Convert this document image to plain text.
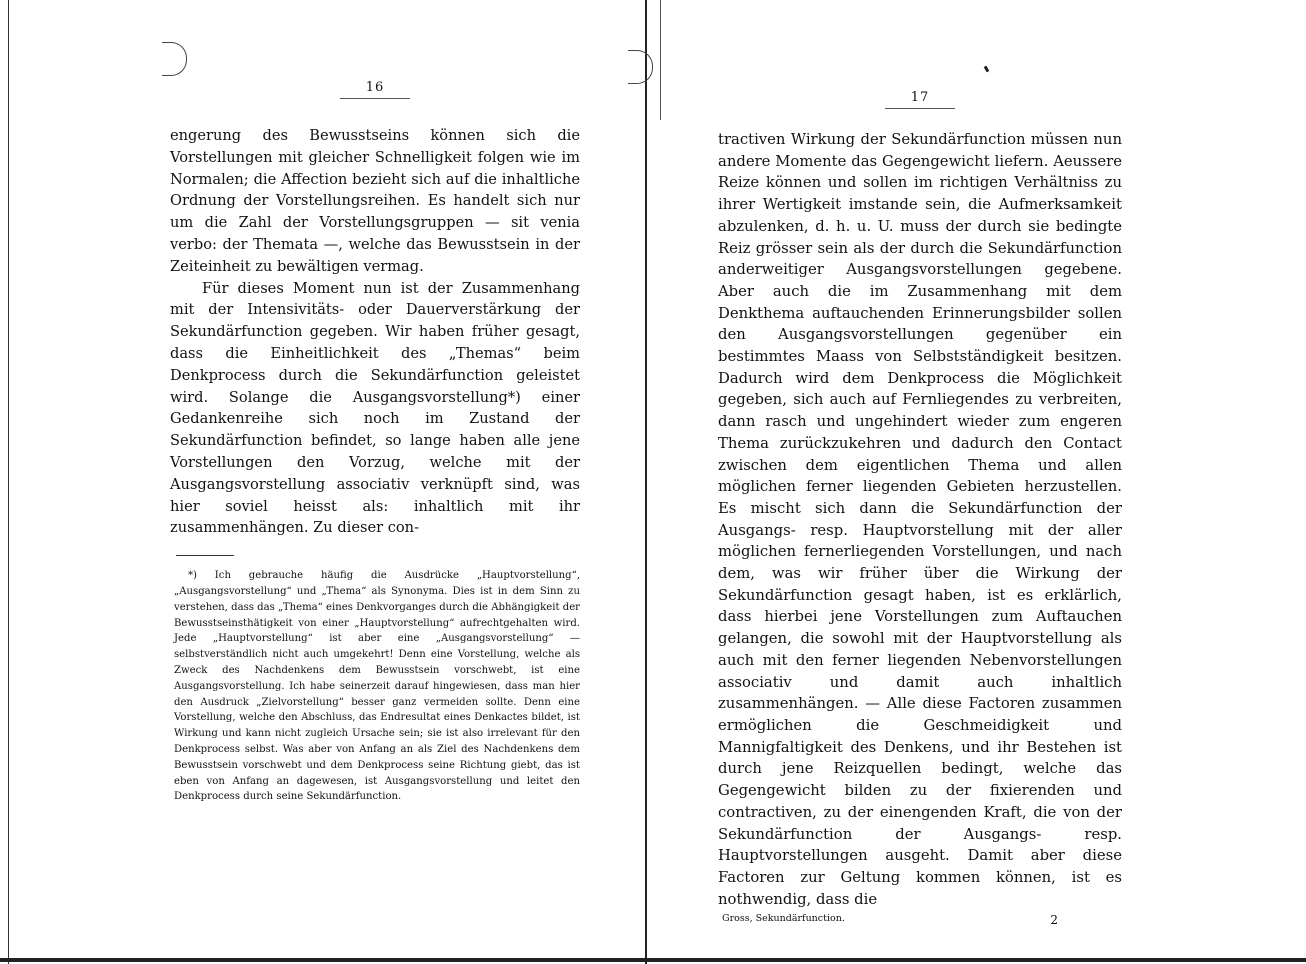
16

engerung des Bewusstseins können sich die Vorstellungen mit gleicher Schnelligkeit folgen wie im Normalen; die Affection bezieht sich auf die inhaltliche Ordnung der Vorstellungsreihen. Es handelt sich nur um die Zahl der Vorstellungsgruppen — sit venia verbo: der Themata —, welche das Bewusstsein in der Zeiteinheit zu bewältigen vermag.

Für dieses Moment nun ist der Zusammenhang mit der Intensivitäts- oder Dauerverstärkung der Sekundärfunction gegeben. Wir haben früher gesagt, dass die Einheitlichkeit des „Themas“ beim Denkprocess durch die Sekundärfunction geleistet wird. Solange die Ausgangsvorstellung*) einer Gedankenreihe sich noch im Zustand der Sekundärfunction befindet, so lange haben alle jene Vorstellungen den Vorzug, welche mit der Ausgangsvorstellung associativ verknüpft sind, was hier soviel heisst als: inhaltlich mit ihr zusammenhängen. Zu dieser con-

*) Ich gebrauche häufig die Ausdrücke „Hauptvorstellung“, „Ausgangsvorstellung“ und „Thema“ als Synonyma. Dies ist in dem Sinn zu verstehen, dass das „Thema“ eines Denkvorganges durch die Abhängigkeit der Bewusstseinsthätigkeit von einer „Hauptvorstellung“ aufrechtgehalten wird. Jede „Hauptvorstellung“ ist aber eine „Ausgangsvorstellung“ — selbstverständlich nicht auch umgekehrt! Denn eine Vorstellung, welche als Zweck des Nachdenkens dem Bewusstsein vorschwebt, ist eine Ausgangsvorstellung. Ich habe seinerzeit darauf hingewiesen, dass man hier den Ausdruck „Zielvorstellung“ besser ganz vermeiden sollte. Denn eine Vorstellung, welche den Abschluss, das Endresultat eines Denkactes bildet, ist Wirkung und kann nicht zugleich Ursache sein; sie ist also irrelevant für den Denkprocess selbst. Was aber von Anfang an als Ziel des Nachdenkens dem Bewusstsein vorschwebt und dem Denkprocess seine Richtung giebt, das ist eben von Anfang an dagewesen, ist Ausgangsvorstellung und leitet den Denkprocess durch seine Sekundärfunction.
17

tractiven Wirkung der Sekundärfunction müssen nun andere Momente das Gegengewicht liefern. Aeussere Reize können und sollen im richtigen Verhältniss zu ihrer Wertigkeit imstande sein, die Aufmerksamkeit abzulenken, d. h. u. U. muss der durch sie bedingte Reiz grösser sein als der durch die Sekundärfunction anderweitiger Ausgangsvorstellungen gegebene. Aber auch die im Zusammenhang mit dem Denkthema auftauchenden Erinnerungsbilder sollen den Ausgangsvorstellungen gegenüber ein bestimmtes Maass von Selbstständigkeit besitzen. Dadurch wird dem Denkprocess die Möglichkeit gegeben, sich auch auf Fernliegendes zu verbreiten, dann rasch und ungehindert wieder zum engeren Thema zurückzukehren und dadurch den Contact zwischen dem eigentlichen Thema und allen möglichen ferner liegenden Gebieten herzustellen. Es mischt sich dann die Sekundärfunction der Ausgangs- resp. Hauptvorstellung mit der aller möglichen fernerliegenden Vorstellungen, und nach dem, was wir früher über die Wirkung der Sekundärfunction gesagt haben, ist es erklärlich, dass hierbei jene Vorstellungen zum Auftauchen gelangen, die sowohl mit der Hauptvorstellung als auch mit den ferner liegenden Nebenvorstellungen associativ und damit auch inhaltlich zusammenhängen. — Alle diese Factoren zusammen ermöglichen die Geschmeidigkeit und Mannigfaltigkeit des Denkens, und ihr Bestehen ist durch jene Reizquellen bedingt, welche das Gegengewicht bilden zu der fixierenden und contractiven, zu der einengenden Kraft, die von der Sekundärfunction der Ausgangs- resp. Hauptvorstellungen ausgeht. Damit aber diese Factoren zur Geltung kommen können, ist es nothwendig, dass die

Gross, Sekundärfunction.	2
